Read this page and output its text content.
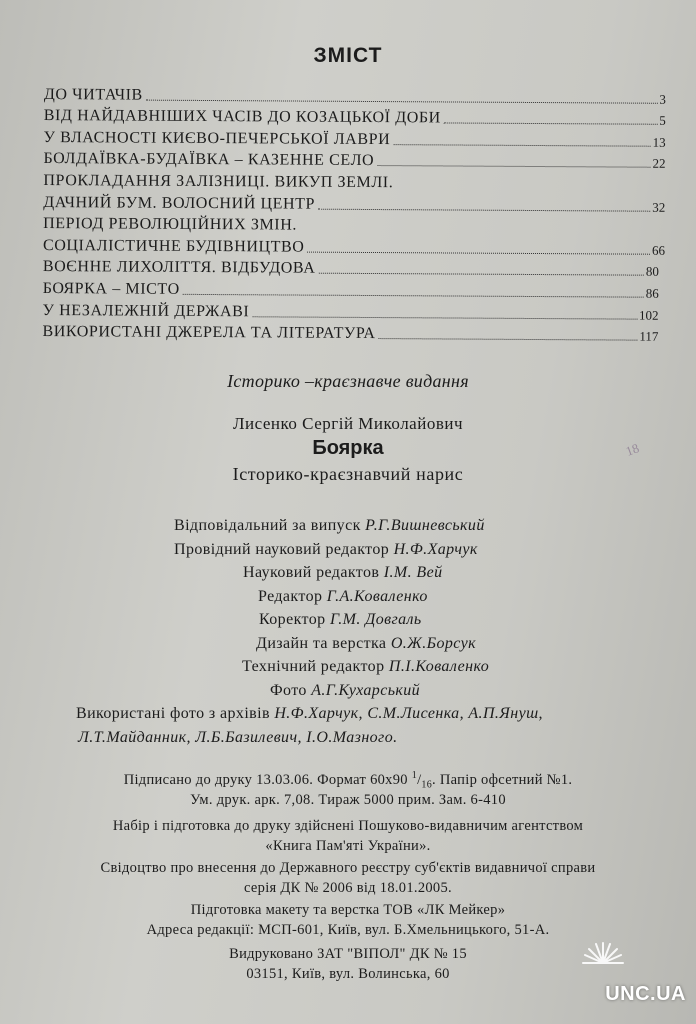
ЗМІСТ
ДО ЧИТАЧІВ	3
ВІД НАЙДАВНІШИХ ЧАСІВ ДО КОЗАЦЬКОЇ ДОБИ	5
У ВЛАСНОСТІ КИЄВО-ПЕЧЕРСЬКОЇ ЛАВРИ	13
БОЛДАЇВКА-БУДАЇВКА – КАЗЕННЕ СЕЛО	22
ПРОКЛАДАННЯ ЗАЛІЗНИЦІ. ВИКУП ЗЕМЛІ.
ДАЧНИЙ БУМ. ВОЛОСНИЙ ЦЕНТР	32
ПЕРІОД РЕВОЛЮЦІЙНИХ ЗМІН.
СОЦІАЛІСТИЧНЕ БУДІВНИЦТВО	66
ВОЄННЕ ЛИХОЛІТТЯ. ВІДБУДОВА	80
БОЯРКА – МІСТО	86
У НЕЗАЛЕЖНІЙ ДЕРЖАВІ	102
ВИКОРИСТАНІ ДЖЕРЕЛА ТА ЛІТЕРАТУРА	117
Історико –краєзнавче видання
Лисенко Сергій Миколайович
Боярка
Історико-краєзнавчий нарис
18
Відповідальний за випуск Р.Г.Вишневський
Провідний науковий редактор Н.Ф.Харчук
Науковий редактов І.М. Вей
Редактор Г.А.Коваленко
Коректор Г.М. Довгаль
Дизайн та верстка О.Ж.Борсук
Технічний редактор П.І.Коваленко
Фото А.Г.Кухарський
Використані фото з архівів Н.Ф.Харчук, С.М.Лисенка, А.П.Януш,
Л.Т.Майданник, Л.Б.Базилевич, І.О.Мазного.
Підписано до друку 13.03.06. Формат 60х90 $^1/_{16}$. Папір офсетний №1.
Ум. друк. арк. 7,08. Тираж 5000 прим. Зам. 6-410
Набір і підготовка до друку здійснені Пошуково-видавничим агентством
«Книга Пам'яті України».
Свідоцтво про внесення до Державного реєстру суб'єктів видавничої справи
серія ДК № 2006 від 18.01.2005.
Підготовка макету та верстка ТОВ «ЛК Мейкер»
Адреса редакції: МСП-601, Київ, вул. Б.Хмельницького, 51-А.
Видруковано ЗАТ "ВІПОЛ" ДК № 15
03151, Київ, вул. Волинська, 60
UNC.UA
